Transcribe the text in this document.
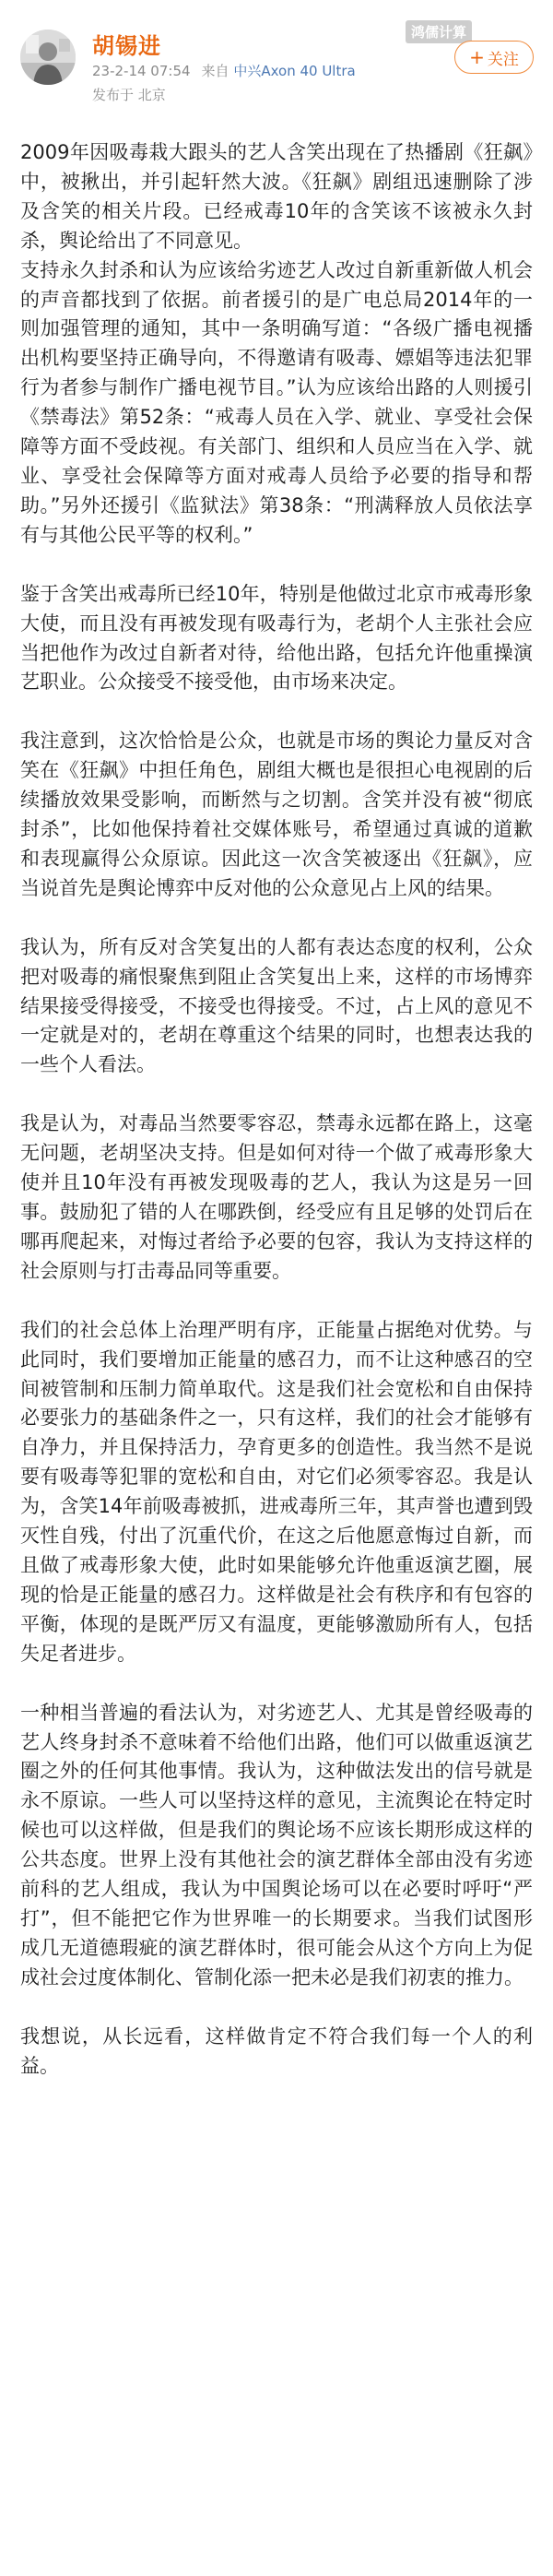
胡锡进
23-2-14 07:54 来自 中兴Axon 40 Ultra
发布于 北京
鸿儒计算
+ 关注

2009年因吸毒栽大跟头的艺人含笑出现在了热播剧《狂飙》中，被揪出，并引起轩然大波。《狂飙》剧组迅速删除了涉及含笑的相关片段。已经戒毒10年的含笑该不该被永久封杀，舆论给出了不同意见。

支持永久封杀和认为应该给劣迹艺人改过自新重新做人机会的声音都找到了依据。前者援引的是广电总局2014年的一则加强管理的通知，其中一条明确写道：“各级广播电视播出机构要坚持正确导向，不得邀请有吸毒、嫖娼等违法犯罪行为者参与制作广播电视节目。”认为应该给出路的人则援引《禁毒法》第52条：“戒毒人员在入学、就业、享受社会保障等方面不受歧视。有关部门、组织和人员应当在入学、就业、享受社会保障等方面对戒毒人员给予必要的指导和帮助。”另外还援引《监狱法》第38条：“刑满释放人员依法享有与其他公民平等的权利。”

鉴于含笑出戒毒所已经10年，特别是他做过北京市戒毒形象大使，而且没有再被发现有吸毒行为，老胡个人主张社会应当把他作为改过自新者对待，给他出路，包括允许他重操演艺职业。公众接受不接受他，由市场来决定。

我注意到，这次恰恰是公众，也就是市场的舆论力量反对含笑在《狂飙》中担任角色，剧组大概也是很担心电视剧的后续播放效果受影响，而断然与之切割。含笑并没有被“彻底封杀”，比如他保持着社交媒体账号，希望通过真诚的道歉和表现赢得公众原谅。因此这一次含笑被逐出《狂飙》，应当说首先是舆论博弈中反对他的公众意见占上风的结果。

我认为，所有反对含笑复出的人都有表达态度的权利，公众把对吸毒的痛恨聚焦到阻止含笑复出上来，这样的市场博弈结果接受得接受，不接受也得接受。不过，占上风的意见不一定就是对的，老胡在尊重这个结果的同时，也想表达我的一些个人看法。

我是认为，对毒品当然要零容忍，禁毒永远都在路上，这毫无问题，老胡坚决支持。但是如何对待一个做了戒毒形象大使并且10年没有再被发现吸毒的艺人，我认为这是另一回事。鼓励犯了错的人在哪跌倒，经受应有且足够的处罚后在哪再爬起来，对悔过者给予必要的包容，我认为支持这样的社会原则与打击毒品同等重要。

我们的社会总体上治理严明有序，正能量占据绝对优势。与此同时，我们要增加正能量的感召力，而不让这种感召的空间被管制和压制力简单取代。这是我们社会宽松和自由保持必要张力的基础条件之一，只有这样，我们的社会才能够有自净力，并且保持活力，孕育更多的创造性。我当然不是说要有吸毒等犯罪的宽松和自由，对它们必须零容忍。我是认为，含笑14年前吸毒被抓，进戒毒所三年，其声誉也遭到毁灭性自残，付出了沉重代价，在这之后他愿意悔过自新，而且做了戒毒形象大使，此时如果能够允许他重返演艺圈，展现的恰是正能量的感召力。这样做是社会有秩序和有包容的平衡，体现的是既严厉又有温度，更能够激励所有人，包括失足者进步。

一种相当普遍的看法认为，对劣迹艺人、尤其是曾经吸毒的艺人终身封杀不意味着不给他们出路，他们可以做重返演艺圈之外的任何其他事情。我认为，这种做法发出的信号就是永不原谅。一些人可以坚持这样的意见，主流舆论在特定时候也可以这样做，但是我们的舆论场不应该长期形成这样的公共态度。世界上没有其他社会的演艺群体全部由没有劣迹前科的艺人组成，我认为中国舆论场可以在必要时呼吁“严打”，但不能把它作为世界唯一的长期要求。当我们试图形成几无道德瑕疵的演艺群体时，很可能会从这个方向上为促成社会过度体制化、管制化添一把未必是我们初衷的推力。

我想说，从长远看，这样做肯定不符合我们每一个人的利益。
